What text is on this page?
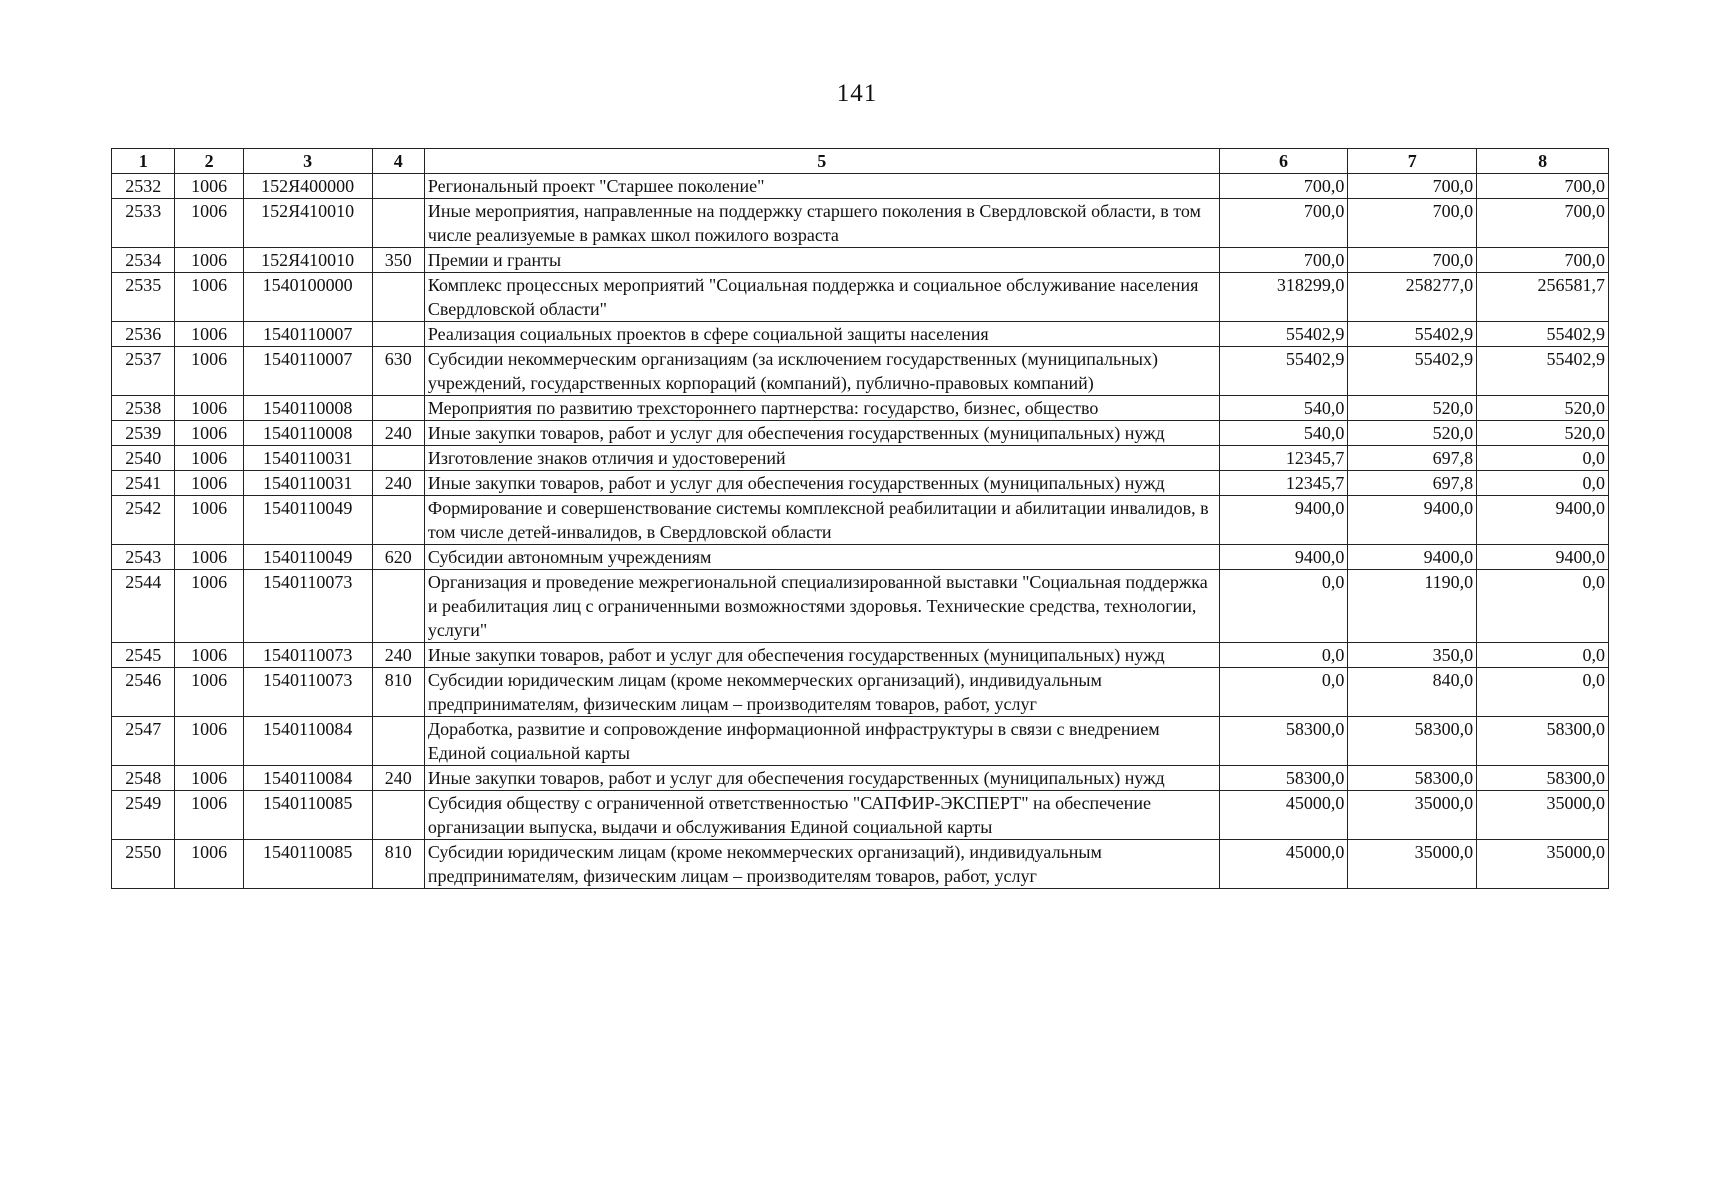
141
1	2	3	4	5	6	7	8
2532	1006	152Я400000		Региональный проект "Старшее поколение"	700,0	700,0	700,0
2533	1006	152Я410010		Иные мероприятия, направленные на поддержку старшего поколения в Свердловской области, в том числе реализуемые в рамках школ пожилого возраста	700,0	700,0	700,0
2534	1006	152Я410010	350	Премии и гранты	700,0	700,0	700,0
2535	1006	1540100000		Комплекс процессных мероприятий "Социальная поддержка и социальное обслуживание населения Свердловской области"	318299,0	258277,0	256581,7
2536	1006	1540110007		Реализация социальных проектов в сфере социальной защиты населения	55402,9	55402,9	55402,9
2537	1006	1540110007	630	Субсидии некоммерческим организациям (за исключением государственных (муниципальных) учреждений, государственных корпораций (компаний), публично-правовых компаний)	55402,9	55402,9	55402,9
2538	1006	1540110008		Мероприятия по развитию трехстороннего партнерства: государство, бизнес, общество	540,0	520,0	520,0
2539	1006	1540110008	240	Иные закупки товаров, работ и услуг для обеспечения государственных (муниципальных) нужд	540,0	520,0	520,0
2540	1006	1540110031		Изготовление знаков отличия и удостоверений	12345,7	697,8	0,0
2541	1006	1540110031	240	Иные закупки товаров, работ и услуг для обеспечения государственных (муниципальных) нужд	12345,7	697,8	0,0
2542	1006	1540110049		Формирование и совершенствование системы комплексной реабилитации и абилитации инвалидов, в том числе детей-инвалидов, в Свердловской области	9400,0	9400,0	9400,0
2543	1006	1540110049	620	Субсидии автономным учреждениям	9400,0	9400,0	9400,0
2544	1006	1540110073		Организация и проведение межрегиональной специализированной выставки "Социальная поддержка и реабилитация лиц с ограниченными возможностями здоровья. Технические средства, технологии, услуги"	0,0	1190,0	0,0
2545	1006	1540110073	240	Иные закупки товаров, работ и услуг для обеспечения государственных (муниципальных) нужд	0,0	350,0	0,0
2546	1006	1540110073	810	Субсидии юридическим лицам (кроме некоммерческих организаций), индивидуальным предпринимателям, физическим лицам – производителям товаров, работ, услуг	0,0	840,0	0,0
2547	1006	1540110084		Доработка, развитие и сопровождение информационной инфраструктуры в связи с внедрением Единой социальной карты	58300,0	58300,0	58300,0
2548	1006	1540110084	240	Иные закупки товаров, работ и услуг для обеспечения государственных (муниципальных) нужд	58300,0	58300,0	58300,0
2549	1006	1540110085		Субсидия обществу с ограниченной ответственностью "САПФИР-ЭКСПЕРТ" на обеспечение организации выпуска, выдачи и обслуживания Единой социальной карты	45000,0	35000,0	35000,0
2550	1006	1540110085	810	Субсидии юридическим лицам (кроме некоммерческих организаций), индивидуальным предпринимателям, физическим лицам – производителям товаров, работ, услуг	45000,0	35000,0	35000,0
